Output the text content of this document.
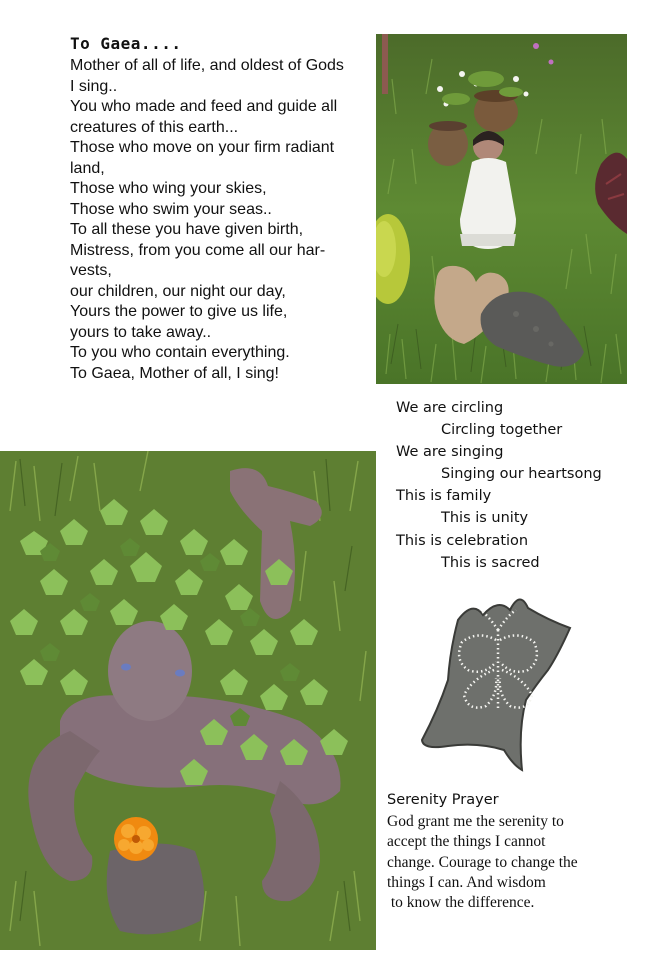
To Gaea....
Mother of all of life, and oldest of Gods
I sing..
You who made and feed and guide all
creatures of this earth...
Those who move on your firm radiant
land,
Those who wing your skies,
Those who swim your seas..
To all these you have given birth,
Mistress, from you come all our har-
vests,
our children, our night our day,
Yours the power to give us life,
yours to take away..
To you who contain everything.
To Gaea, Mother of all, I sing!
We are circling
Circling together
We are singing
Singing our heartsong
This is family
This is unity
This is celebration
This is sacred
Serenity Prayer
God grant me the serenity to
accept the things I cannot
change. Courage to change the
things I can. And wisdom
to know the difference.
